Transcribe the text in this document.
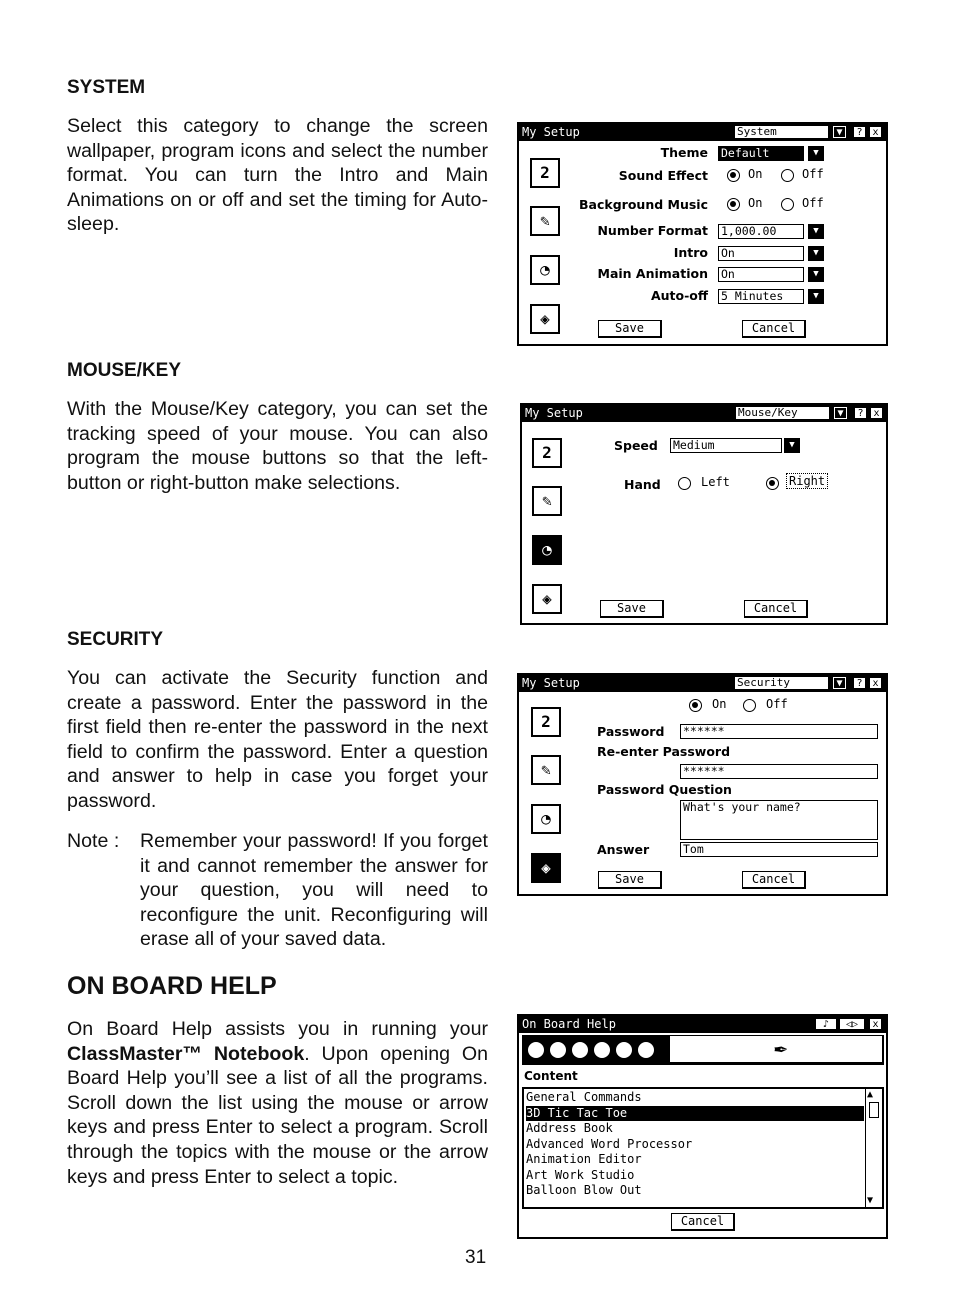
SYSTEM
Select this category to change the screen wallpaper, program icons and select the number format. You can turn the Intro and Main Animations on or off and set the timing for Auto-sleep.
MOUSE/KEY
With the Mouse/Key category, you can set the tracking speed of your mouse. You can also program the mouse buttons so that the left-button or right-button make selections.
SECURITY
You can activate the Security function and create a password. Enter the password in the first field then re-enter the password in the next field to confirm the password. Enter a question and answer to help in case you forget your password.
Note : Remember your password! If you forget it and cannot remember the answer for your question, you will need to reconfigure the unit. Reconfiguring will erase all of your saved data.
ON BOARD HELP
On Board Help assists you in running your ClassMaster™ Notebook. Upon opening On Board Help you’ll see a list of all the programs. Scroll down the list using the mouse or arrow keys and press Enter to select a program. Scroll through the topics with the mouse or the arrow keys and press Enter to select a topic.
31
My Setup	System	▼	? x
2
✎
◔
◈
Theme Default	▼
Sound Effect	On	Off
Background Music	On	Off
Number Format 1,000.00	▼
Intro On	▼
Main Animation On	▼
Auto-off 5 Minutes	▼
Save	Cancel
My Setup	Mouse/Key	▼	? x
2
✎
◔
◈
Speed Medium	▼
Hand	Left	Right
Save	Cancel
My Setup	Security	▼	? x
2
✎
◔
◈
On	Off
Password ******
Re-enter Password
******
Password Question
What's your name?
Answer	Tom
Save	Cancel
On Board Help	♪	◁▷	x
✒
Content
General Commands
3D Tic Tac Toe
Address Book
Advanced Word Processor
Animation Editor
Art Work Studio
Balloon Blow Out
▲
▼
Cancel
